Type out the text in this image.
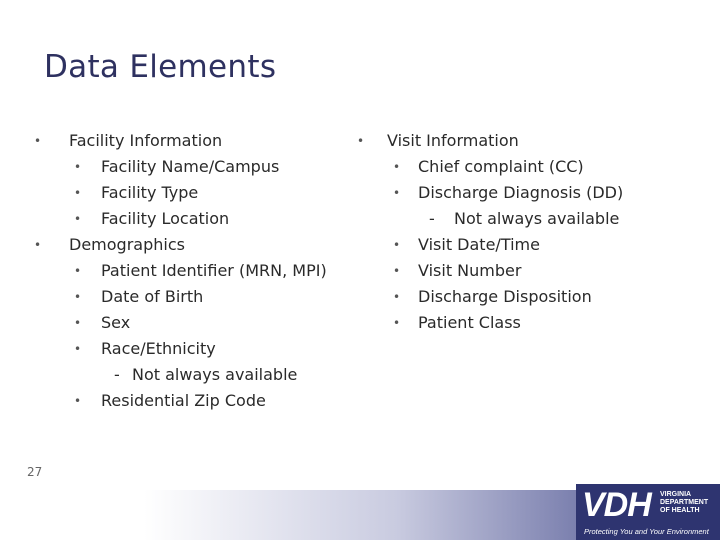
Data Elements
• Facility Information
• Facility Name/Campus
• Facility Type
• Facility Location
• Demographics
• Patient Identifier (MRN, MPI)
• Date of Birth
• Sex
• Race/Ethnicity
- Not always available
• Residential Zip Code
• Visit Information
• Chief complaint (CC)
• Discharge Diagnosis (DD)
- Not always available
• Visit Date/Time
• Visit Number
• Discharge Disposition
• Patient Class
27
VDH VIRGINIA
DEPARTMENT
OF HEALTH
Protecting You and Your Environment
